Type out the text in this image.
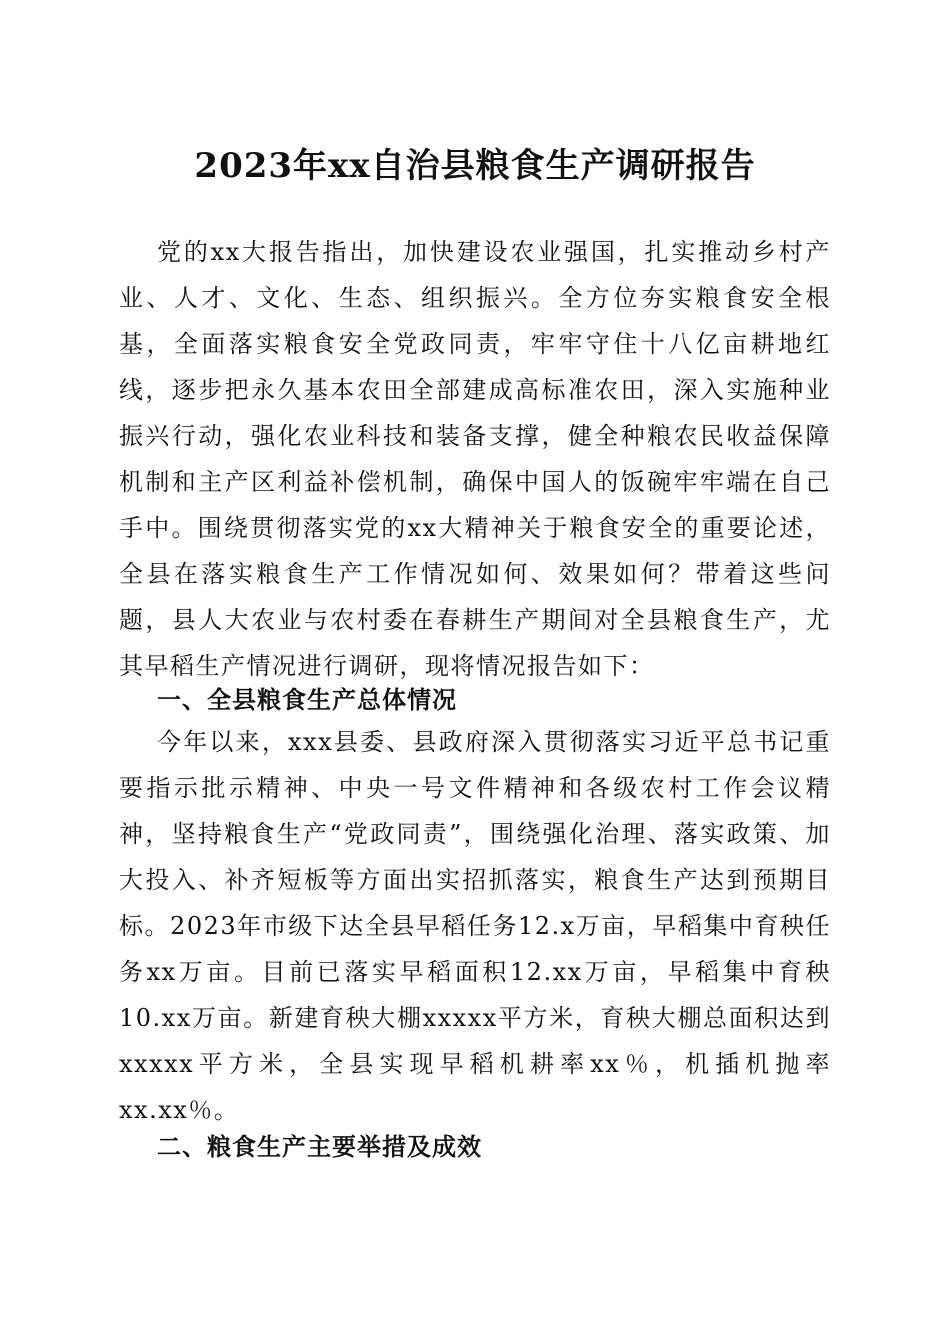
2023年xx自治县粮食生产调研报告

党的xx大报告指出，加快建设农业强国，扎实推动乡村产业、人才、文化、生态、组织振兴。全方位夯实粮食安全根基，全面落实粮食安全党政同责，牢牢守住十八亿亩耕地红线，逐步把永久基本农田全部建成高标准农田，深入实施种业振兴行动，强化农业科技和装备支撑，健全种粮农民收益保障机制和主产区利益补偿机制，确保中国人的饭碗牢牢端在自己手中。围绕贯彻落实党的xx大精神关于粮食安全的重要论述，全县在落实粮食生产工作情况如何、效果如何？带着这些问题，县人大农业与农村委在春耕生产期间对全县粮食生产，尤其早稻生产情况进行调研，现将情况报告如下：

一、全县粮食生产总体情况

今年以来，xxx县委、县政府深入贯彻落实习近平总书记重要指示批示精神、中央一号文件精神和各级农村工作会议精神，坚持粮食生产“党政同责”，围绕强化治理、落实政策、加大投入、补齐短板等方面出实招抓落实，粮食生产达到预期目标。2023年市级下达全县早稻任务12.x万亩，早稻集中育秧任务xx万亩。目前已落实早稻面积12.xx万亩，早稻集中育秧10.xx万亩。新建育秧大棚xxxxx平方米，育秧大棚总面积达到xxxxx平方米，全县实现早稻机耕率xx％，机插机抛率xx.xx％。

二、粮食生产主要举措及成效
